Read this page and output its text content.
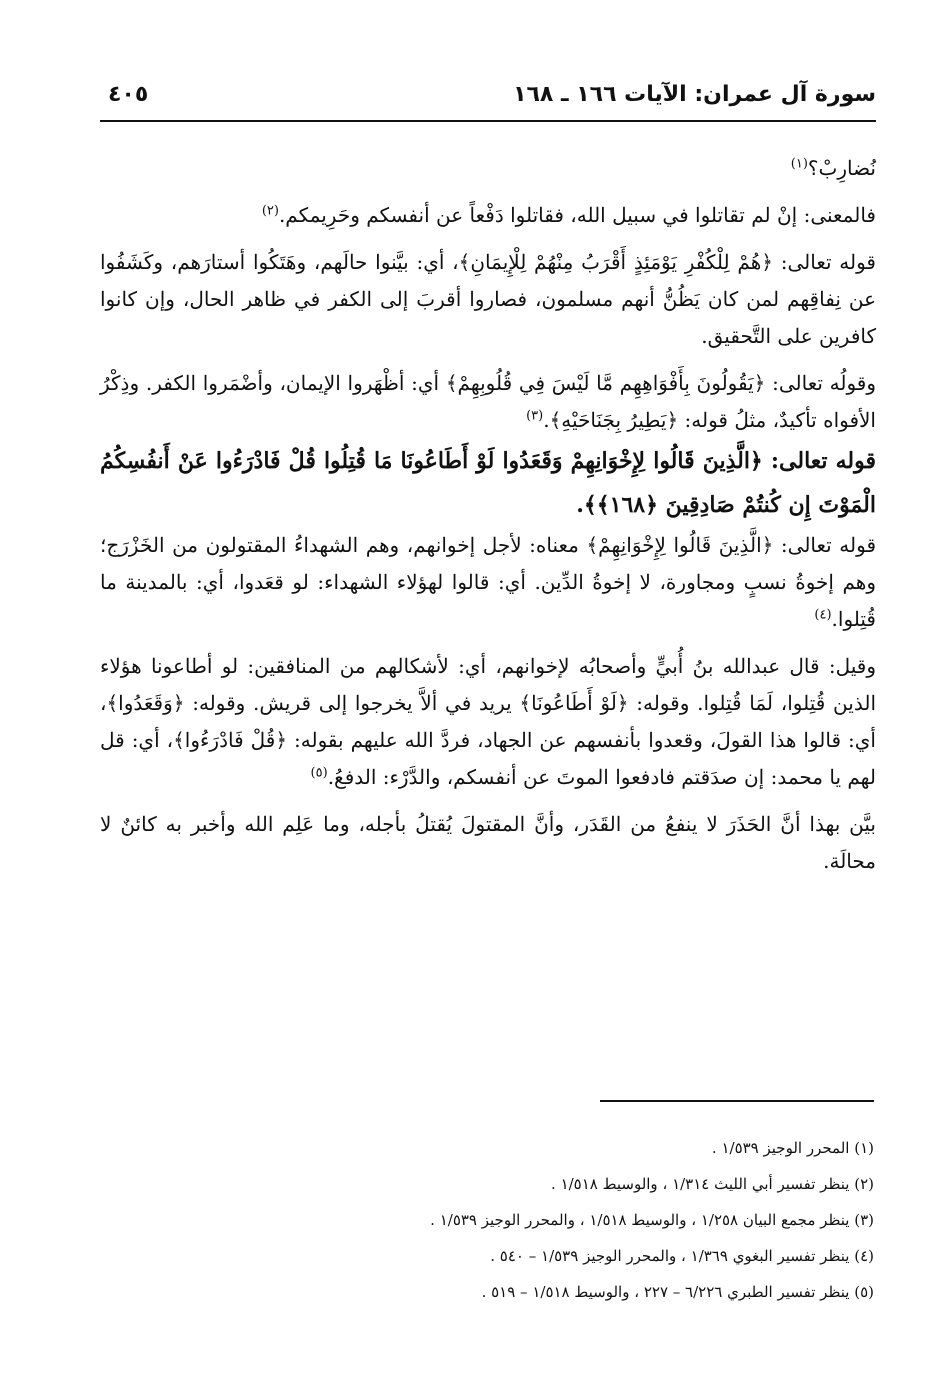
سورة آل عمران: الآيات ١٦٦ ـ ١٦٨
٤٠٥

نُضارِبْ؟$^{(١)}$

فالمعنى: إنْ لم تقاتلوا في سبيل الله، فقاتلوا دَفْعاً عن أنفسكم وحَرِيمكم.$^{(٢)}$

قوله تعالى: ﴿هُمْ لِلْكُفْرِ يَوْمَئِذٍ أَقْرَبُ مِنْهُمْ لِلْإِيمَانِ﴾، أي: بيَّنوا حالَهم، وهَتَكُوا أستارَهم، وكَشَفُوا عن نِفاقِهم لمن كان يَظُنُّ أنهم مسلمون، فصاروا أقربَ إلى الكفر في ظاهر الحال، وإن كانوا كافرين على التَّحقيق.

وقولُه تعالى: ﴿يَقُولُونَ بِأَفْوَاهِهِم مَّا لَيْسَ فِي قُلُوبِهِمْ﴾ أي: أظْهَروا الإيمان، وأضْمَروا الكفر. وذِكْرُ الأفواه تأكيدٌ، مثلُ قوله: ﴿يَطِيرُ بِجَنَاحَيْهِ﴾.$^{(٣)}$

قوله تعالى: ﴿الَّذِينَ قَالُوا لِإِخْوَانِهِمْ وَقَعَدُوا لَوْ أَطَاعُونَا مَا قُتِلُوا قُلْ فَادْرَءُوا عَنْ أَنفُسِكُمُ الْمَوْتَ إِن كُنتُمْ صَادِقِينَ ﴿١٦٨﴾﴾.

قوله تعالى: ﴿الَّذِينَ قَالُوا لِإِخْوَانِهِمْ﴾ معناه: لأجل إخوانهم، وهم الشهداءُ المقتولون من الخَزْرَج؛ وهم إخوةُ نسبٍ ومجاورة، لا إخوةُ الدِّين. أي: قالوا لهؤلاء الشهداء: لو قعَدوا، أي: بالمدينة ما قُتِلوا.$^{(٤)}$

وقيل: قال عبدالله بنُ أُبيٍّ وأصحابُه لإخوانهم، أي: لأشكالهم من المنافقين: لو أطاعونا هؤلاء الذين قُتِلوا، لَمَا قُتِلوا. وقوله: ﴿لَوْ أَطَاعُونَا﴾ يريد في ألاَّ يخرجوا إلى قريش. وقوله: ﴿وَقَعَدُوا﴾، أي: قالوا هذا القولَ، وقعدوا بأنفسهم عن الجهاد، فردَّ الله عليهم بقوله: ﴿قُلْ فَادْرَءُوا﴾، أي: قل لهم يا محمد: إن صدَقتم فادفعوا الموتَ عن أنفسكم، والدَّرْء: الدفعُ.$^{(٥)}$

بيَّن بهذا أنَّ الحَذَرَ لا ينفعُ من القَدَر، وأنَّ المقتولَ يُقتلُ بأجله، وما عَلِم الله وأخبر به كائنٌ لا محالَة.

(١) المحرر الوجيز ١/٥٣٩ .
(٢) ينظر تفسير أبي الليث ١/٣١٤ ، والوسيط ١/٥١٨ .
(٣) ينظر مجمع البيان ١/٢٥٨ ، والوسيط ١/٥١٨ ، والمحرر الوجيز ١/٥٣٩ .
(٤) ينظر تفسير البغوي ١/٣٦٩ ، والمحرر الوجيز ١/٥٣٩ – ٥٤٠ .
(٥) ينظر تفسير الطبري ٦/٢٢٦ – ٢٢٧ ، والوسيط ١/٥١٨ – ٥١٩ .
